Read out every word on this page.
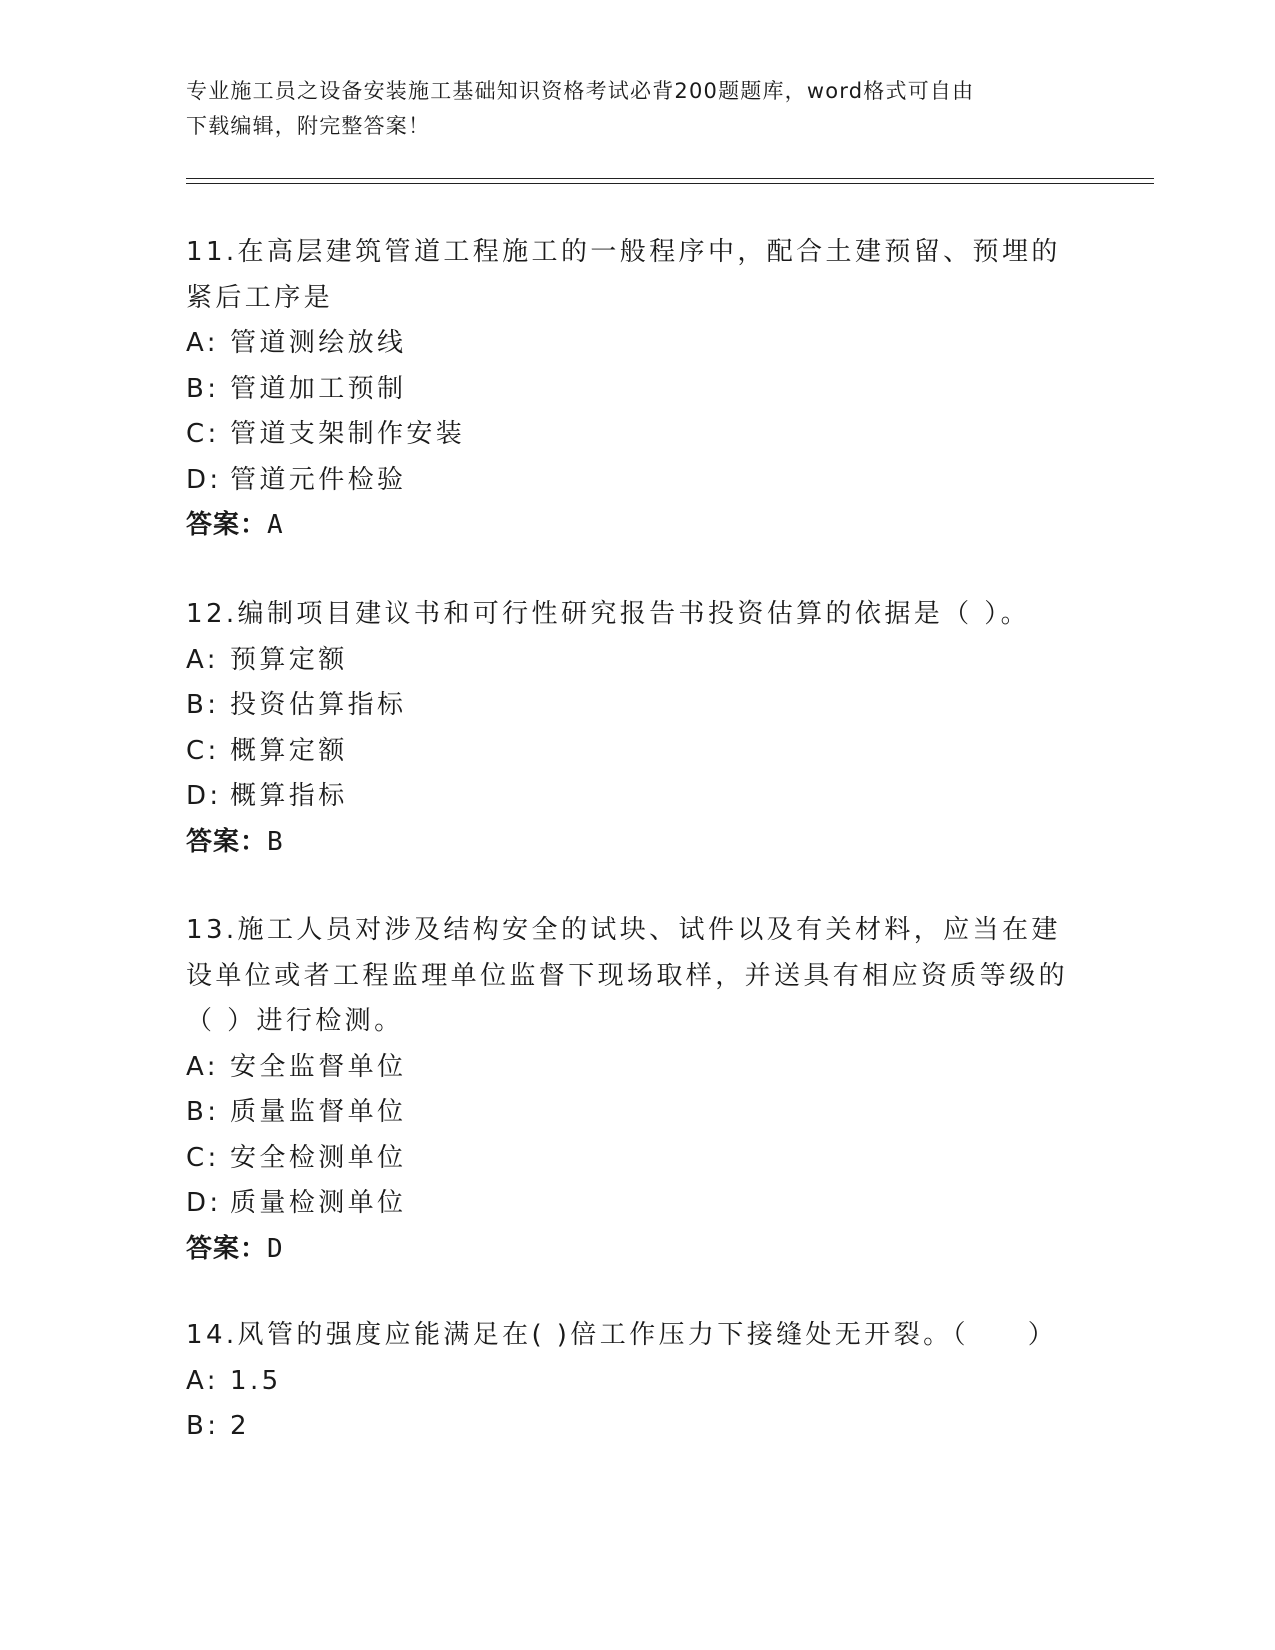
专业施工员之设备安装施工基础知识资格考试必背200题题库，word格式可自由
下载编辑，附完整答案！

11.在高层建筑管道工程施工的一般程序中，配合土建预留、预埋的紧后工序是

A: 管道测绘放线
B: 管道加工预制
C: 管道支架制作安装
D: 管道元件检验

答案：A

12.编制项目建议书和可行性研究报告书投资估算的依据是（ ）。

A: 预算定额
B: 投资估算指标
C: 概算定额
D: 概算指标

答案：B

13.施工人员对涉及结构安全的试块、试件以及有关材料，应当在建设单位或者工程监理单位监督下现场取样，并送具有相应资质等级的（ ）进行检测。

A: 安全监督单位
B: 质量监督单位
C: 安全检测单位
D: 质量检测单位

答案：D

14.风管的强度应能满足在( )倍工作压力下接缝处无开裂。（　　）

A: 1.5
B: 2
